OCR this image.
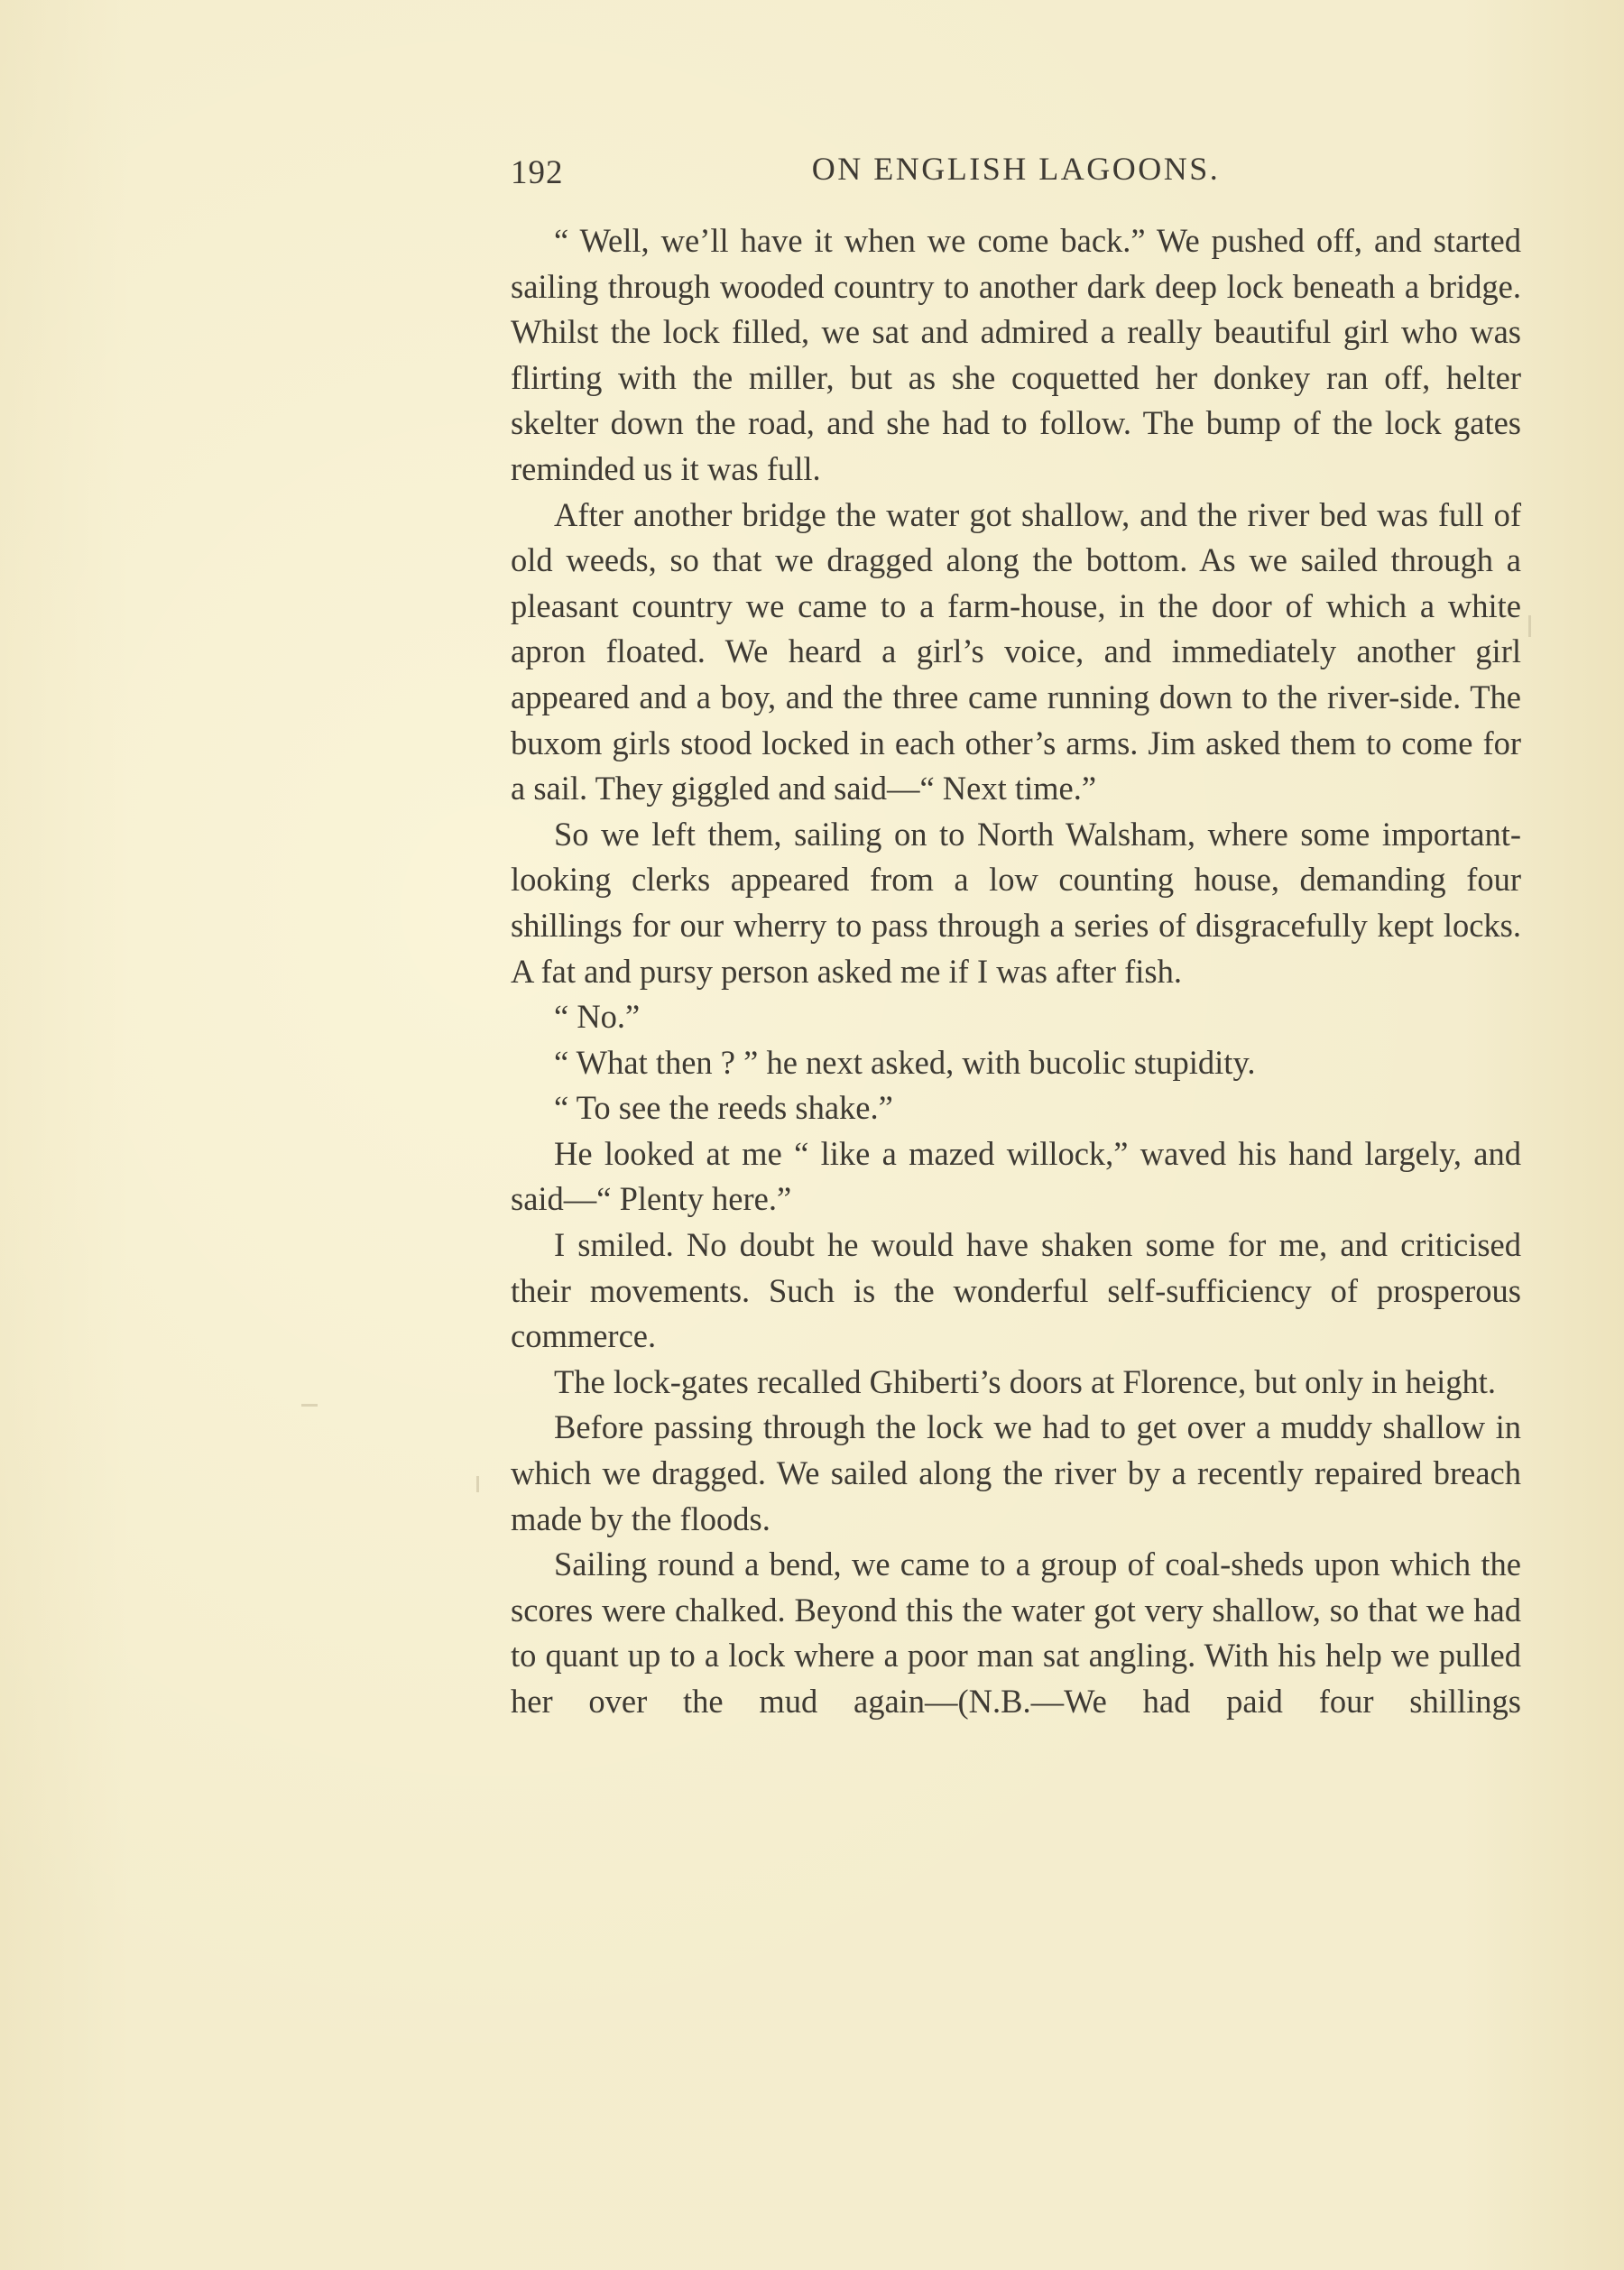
192	ON ENGLISH LAGOONS.

“ Well, we’ll have it when we come back.” We pushed off, and started sailing through wooded country to another dark deep lock beneath a bridge. Whilst the lock filled, we sat and admired a really beautiful girl who was flirting with the miller, but as she coquetted her donkey ran off, helter skelter down the road, and she had to follow. The bump of the lock gates reminded us it was full.

After another bridge the water got shallow, and the river bed was full of old weeds, so that we dragged along the bottom. As we sailed through a pleasant country we came to a farm-house, in the door of which a white apron floated. We heard a girl’s voice, and immediately another girl appeared and a boy, and the three came running down to the river-side. The buxom girls stood locked in each other’s arms. Jim asked them to come for a sail. They giggled and said—“ Next time.”

So we left them, sailing on to North Walsham, where some important-looking clerks appeared from a low counting house, demanding four shillings for our wherry to pass through a series of disgracefully kept locks. A fat and pursy person asked me if I was after fish.

“ No.”

“ What then ? ” he next asked, with bucolic stupidity.

“ To see the reeds shake.”

He looked at me “ like a mazed willock,” waved his hand largely, and said—“ Plenty here.”

I smiled. No doubt he would have shaken some for me, and criticised their movements. Such is the wonderful self-sufficiency of prosperous commerce.

The lock-gates recalled Ghiberti’s doors at Florence, but only in height.

Before passing through the lock we had to get over a muddy shallow in which we dragged. We sailed along the river by a recently repaired breach made by the floods.

Sailing round a bend, we came to a group of coal-sheds upon which the scores were chalked. Beyond this the water got very shallow, so that we had to quant up to a lock where a poor man sat angling. With his help we pulled her over the mud again—(N.B.—We had paid four shillings
